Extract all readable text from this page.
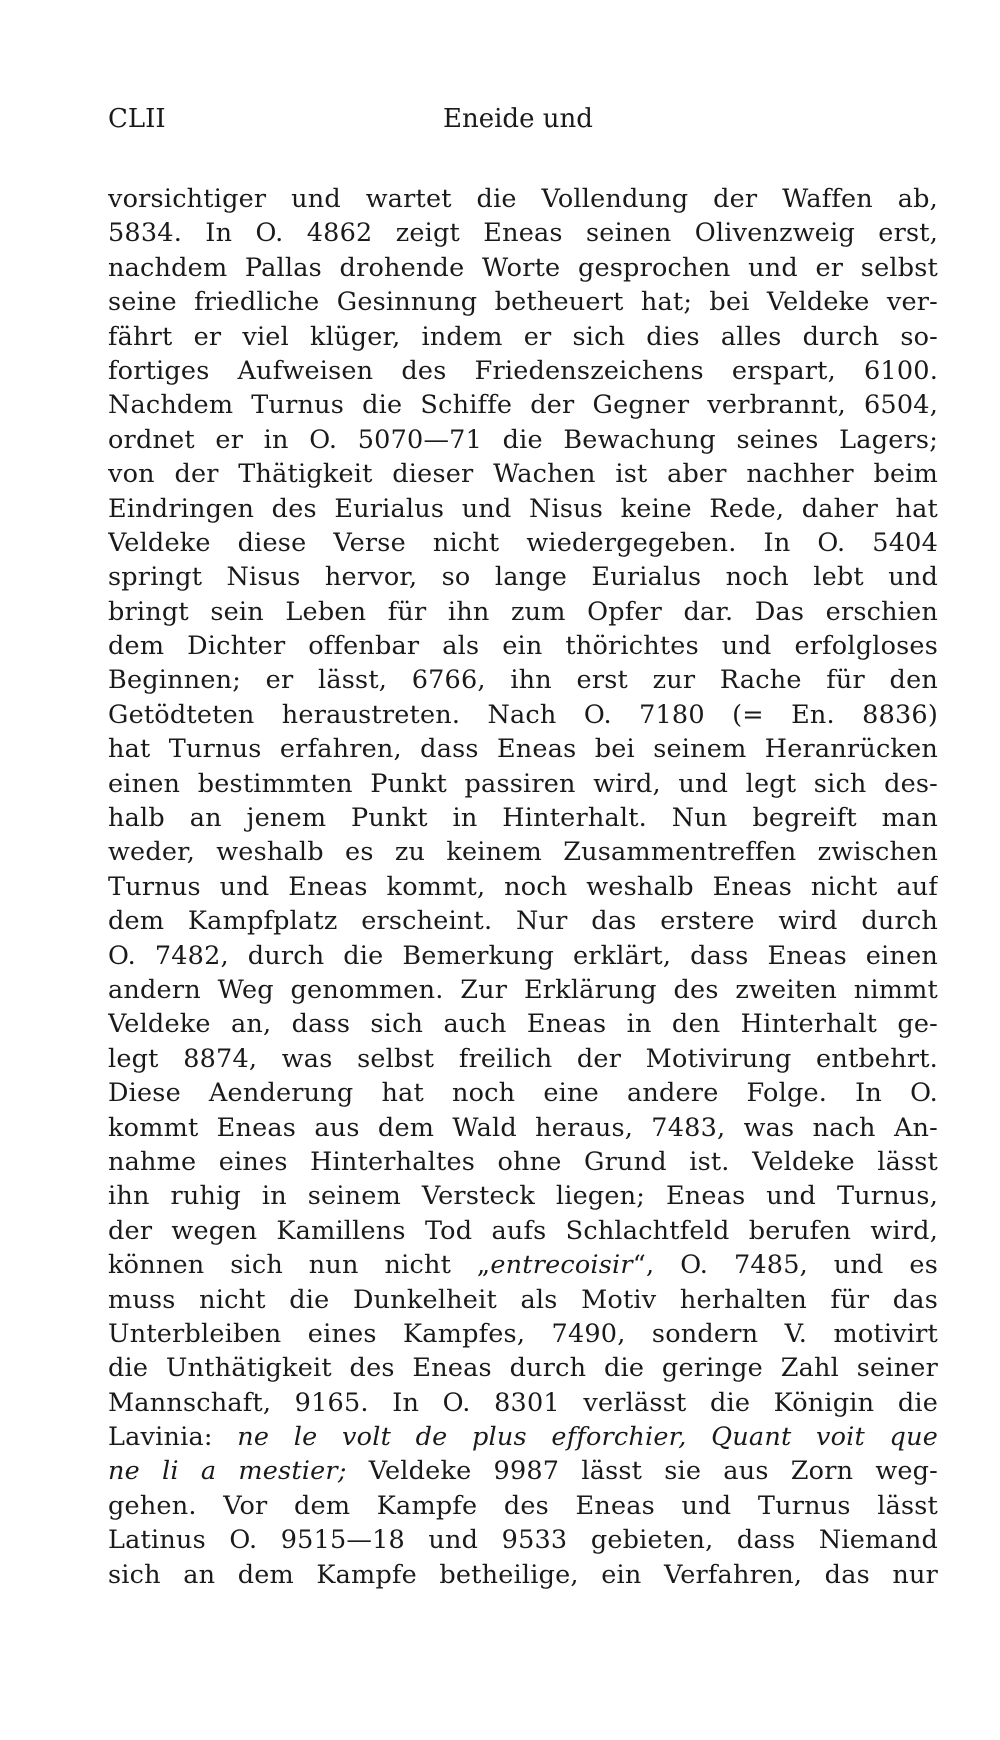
CLII	Eneide und
vorsichtiger und wartet die Vollendung der Waffen ab,
5834. In O. 4862 zeigt Eneas seinen Olivenzweig erst,
nachdem Pallas drohende Worte gesprochen und er selbst
seine friedliche Gesinnung betheuert hat; bei Veldeke ver-
fährt er viel klüger, indem er sich dies alles durch so-
fortiges Aufweisen des Friedenszeichens erspart, 6100.
Nachdem Turnus die Schiffe der Gegner verbrannt, 6504,
ordnet er in O. 5070—71 die Bewachung seines Lagers;
von der Thätigkeit dieser Wachen ist aber nachher beim
Eindringen des Eurialus und Nisus keine Rede, daher hat
Veldeke diese Verse nicht wiedergegeben. In O. 5404
springt Nisus hervor, so lange Eurialus noch lebt und
bringt sein Leben für ihn zum Opfer dar. Das erschien
dem Dichter offenbar als ein thörichtes und erfolgloses
Beginnen; er lässt, 6766, ihn erst zur Rache für den
Getödteten heraustreten. Nach O. 7180 (= En. 8836)
hat Turnus erfahren, dass Eneas bei seinem Heranrücken
einen bestimmten Punkt passiren wird, und legt sich des-
halb an jenem Punkt in Hinterhalt. Nun begreift man
weder, weshalb es zu keinem Zusammentreffen zwischen
Turnus und Eneas kommt, noch weshalb Eneas nicht auf
dem Kampfplatz erscheint. Nur das erstere wird durch
O. 7482, durch die Bemerkung erklärt, dass Eneas einen
andern Weg genommen. Zur Erklärung des zweiten nimmt
Veldeke an, dass sich auch Eneas in den Hinterhalt ge-
legt 8874, was selbst freilich der Motivirung entbehrt.
Diese Aenderung hat noch eine andere Folge. In O.
kommt Eneas aus dem Wald heraus, 7483, was nach An-
nahme eines Hinterhaltes ohne Grund ist. Veldeke lässt
ihn ruhig in seinem Versteck liegen; Eneas und Turnus,
der wegen Kamillens Tod aufs Schlachtfeld berufen wird,
können sich nun nicht „entrecoisir“, O. 7485, und es
muss nicht die Dunkelheit als Motiv herhalten für das
Unterbleiben eines Kampfes, 7490, sondern V. motivirt
die Unthätigkeit des Eneas durch die geringe Zahl seiner
Mannschaft, 9165. In O. 8301 verlässt die Königin die
Lavinia: ne le volt de plus efforchier, Quant voit que
ne li a mestier; Veldeke 9987 lässt sie aus Zorn weg-
gehen. Vor dem Kampfe des Eneas und Turnus lässt
Latinus O. 9515—18 und 9533 gebieten, dass Niemand
sich an dem Kampfe betheilige, ein Verfahren, das nur
